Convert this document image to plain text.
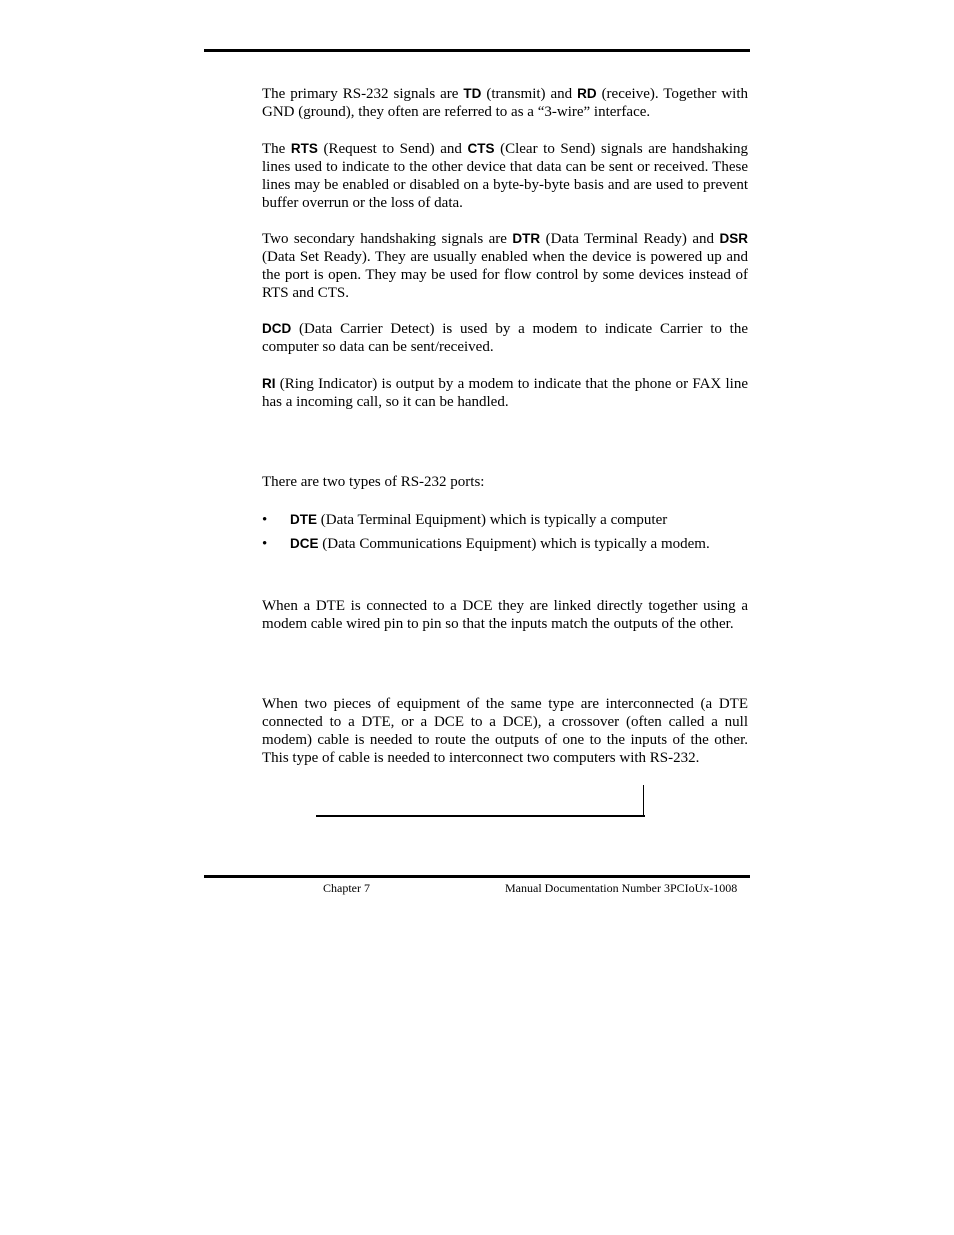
The primary RS-232 signals are TD (transmit) and RD (receive). Together with GND (ground), they often are referred to as a “3-wire” interface.

The RTS (Request to Send) and CTS (Clear to Send) signals are handshaking lines used to indicate to the other device that data can be sent or received. These lines may be enabled or disabled on a byte-by-byte basis and are used to prevent buffer overrun or the loss of data.

Two secondary handshaking signals are DTR (Data Terminal Ready) and DSR (Data Set Ready). They are usually enabled when the device is powered up and the port is open. They may be used for flow control by some devices instead of RTS and CTS.

DCD (Data Carrier Detect) is used by a modem to indicate Carrier to the computer so data can be sent/received.

RI (Ring Indicator) is output by a modem to indicate that the phone or FAX line has a incoming call, so it can be handled.

There are two types of RS-232 ports:

• DTE (Data Terminal Equipment) which is typically a computer
• DCE (Data Communications Equipment) which is typically a modem.

When a DTE is connected to a DCE they are linked directly together using a modem cable wired pin to pin so that the inputs match the outputs of the other.

When two pieces of equipment of the same type are interconnected (a DTE connected to a DTE, or a DCE to a DCE), a crossover (often called a null modem) cable is needed to route the outputs of one to the inputs of the other. This type of cable is needed to interconnect two computers with RS-232.

Chapter 7	Manual Documentation Number 3PCIoUx-1008
